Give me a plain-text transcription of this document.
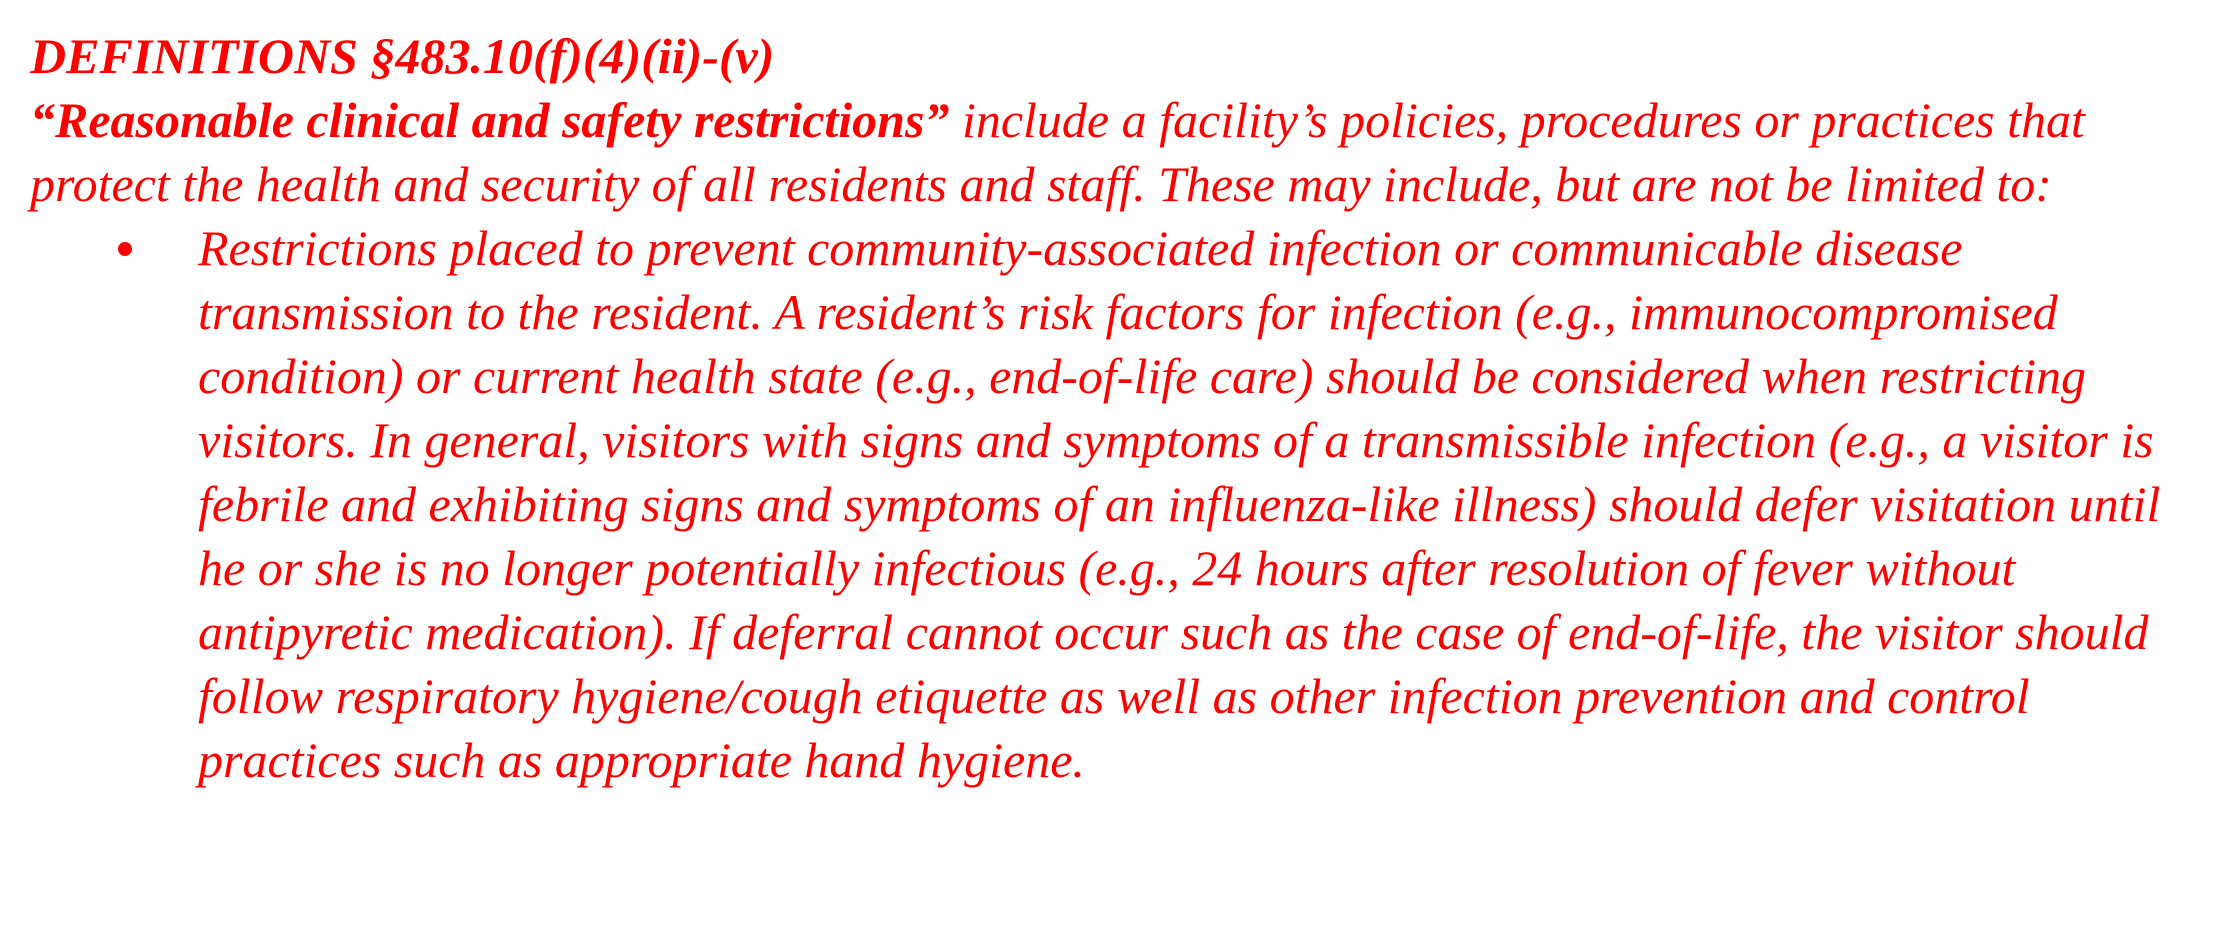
DEFINITIONS §483.10(f)(4)(ii)-(v)

“Reasonable clinical and safety restrictions” include a facility’s policies, procedures or practices that protect the health and security of all residents and staff. These may include, but are not be limited to:

Restrictions placed to prevent community-associated infection or communicable disease transmission to the resident. A resident’s risk factors for infection (e.g., immunocompromised condition) or current health state (e.g., end-of-life care) should be considered when restricting visitors. In general, visitors with signs and symptoms of a transmissible infection (e.g., a visitor is febrile and exhibiting signs and symptoms of an influenza-like illness) should defer visitation until he or she is no longer potentially infectious (e.g., 24 hours after resolution of fever without antipyretic medication). If deferral cannot occur such as the case of end-of-life, the visitor should follow respiratory hygiene/cough etiquette as well as other infection prevention and control practices such as appropriate hand hygiene.
